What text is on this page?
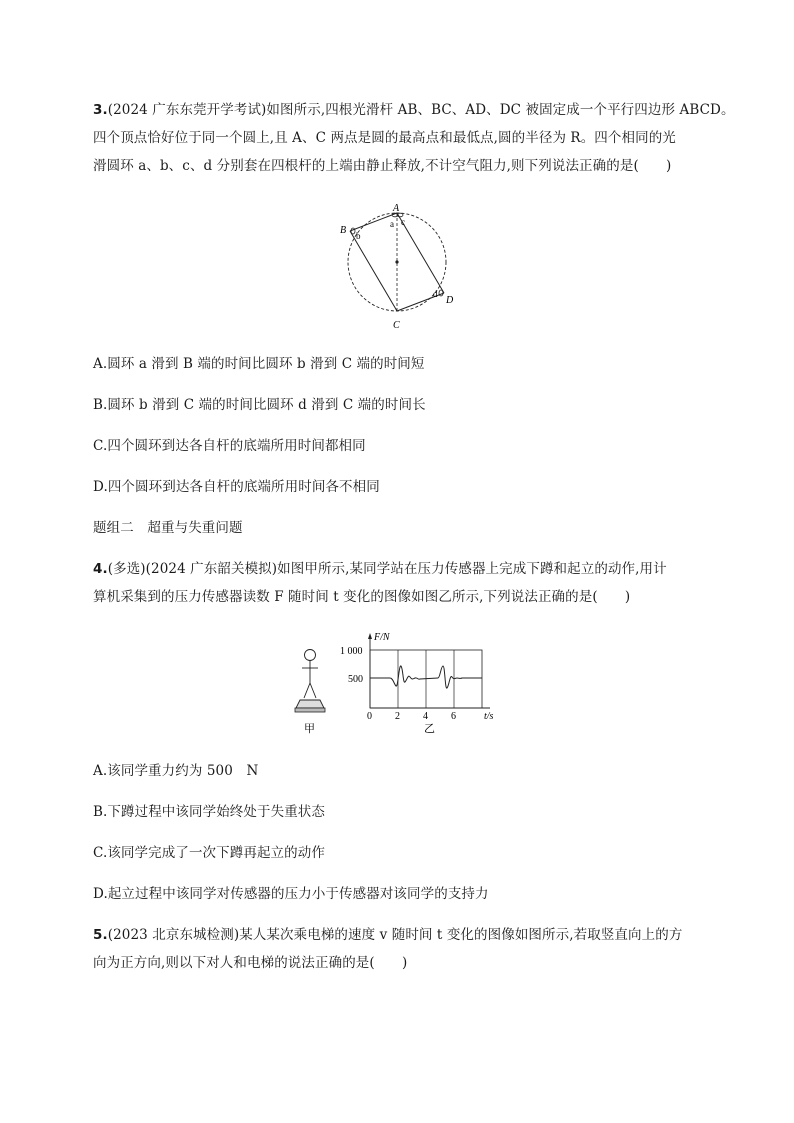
3.(2024 广东东莞开学考试)如图所示,四根光滑杆 AB、BC、AD、DC 被固定成一个平行四边形 ABCD。
四个顶点恰好位于同一个圆上,且 A、C 两点是圆的最高点和最低点,圆的半径为 R。四个相同的光
滑圆环 a、b、c、d 分别套在四根杆的上端由静止释放,不计空气阻力,则下列说法正确的是(　　)
A
B
C
D
a
b
c
d
A.圆环 a 滑到 B 端的时间比圆环 b 滑到 C 端的时间短
B.圆环 b 滑到 C 端的时间比圆环 d 滑到 C 端的时间长
C.四个圆环到达各自杆的底端所用时间都相同
D.四个圆环到达各自杆的底端所用时间各不相同
题组二　超重与失重问题
4.(多选)(2024 广东韶关模拟)如图甲所示,某同学站在压力传感器上完成下蹲和起立的动作,用计
算机采集到的压力传感器读数 F 随时间 t 变化的图像如图乙所示,下列说法正确的是(　　)
甲
F/N
1 000
500
0 2 4 6	t/s
乙
A.该同学重力约为 500　N
B.下蹲过程中该同学始终处于失重状态
C.该同学完成了一次下蹲再起立的动作
D.起立过程中该同学对传感器的压力小于传感器对该同学的支持力
5.(2023 北京东城检测)某人某次乘电梯的速度 v 随时间 t 变化的图像如图所示,若取竖直向上的方
向为正方向,则以下对人和电梯的说法正确的是(　　)
